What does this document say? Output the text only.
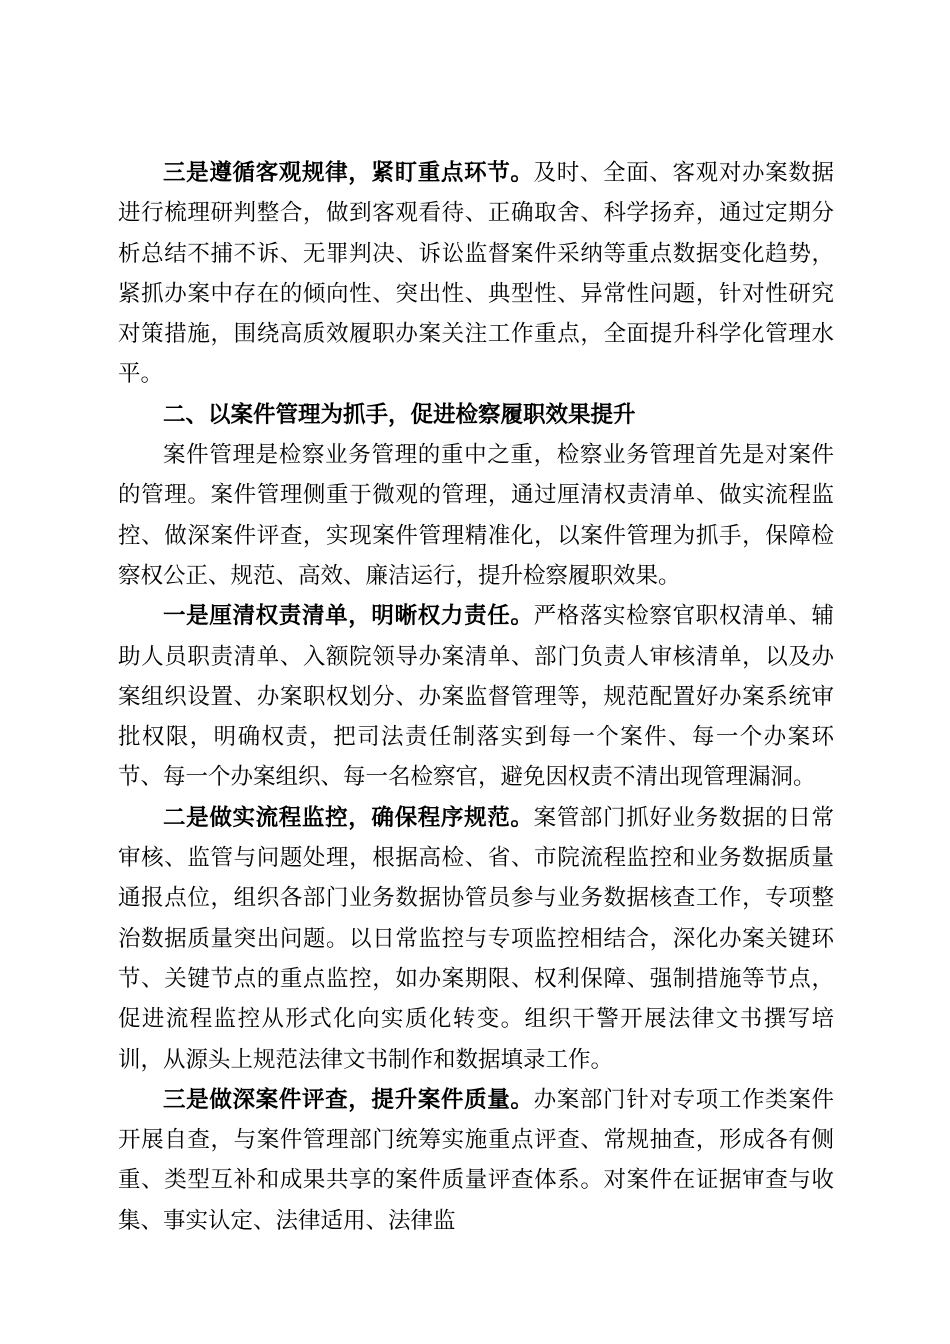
三是遵循客观规律，紧盯重点环节。及时、全面、客观对办案数据进行梳理研判整合，做到客观看待、正确取舍、科学扬弃，通过定期分析总结不捕不诉、无罪判决、诉讼监督案件采纳等重点数据变化趋势，紧抓办案中存在的倾向性、突出性、典型性、异常性问题，针对性研究对策措施，围绕高质效履职办案关注工作重点，全面提升科学化管理水平。

二、以案件管理为抓手，促进检察履职效果提升

案件管理是检察业务管理的重中之重，检察业务管理首先是对案件的管理。案件管理侧重于微观的管理，通过厘清权责清单、做实流程监控、做深案件评查，实现案件管理精准化，以案件管理为抓手，保障检察权公正、规范、高效、廉洁运行，提升检察履职效果。

一是厘清权责清单，明晰权力责任。严格落实检察官职权清单、辅助人员职责清单、入额院领导办案清单、部门负责人审核清单，以及办案组织设置、办案职权划分、办案监督管理等，规范配置好办案系统审批权限，明确权责，把司法责任制落实到每一个案件、每一个办案环节、每一个办案组织、每一名检察官，避免因权责不清出现管理漏洞。

二是做实流程监控，确保程序规范。案管部门抓好业务数据的日常审核、监管与问题处理，根据高检、省、市院流程监控和业务数据质量通报点位，组织各部门业务数据协管员参与业务数据核查工作，专项整治数据质量突出问题。以日常监控与专项监控相结合，深化办案关键环节、关键节点的重点监控，如办案期限、权利保障、强制措施等节点，促进流程监控从形式化向实质化转变。组织干警开展法律文书撰写培训，从源头上规范法律文书制作和数据填录工作。

三是做深案件评查，提升案件质量。办案部门针对专项工作类案件开展自查，与案件管理部门统筹实施重点评查、常规抽查，形成各有侧重、类型互补和成果共享的案件质量评查体系。对案件在证据审查与收集、事实认定、法律适用、法律监
